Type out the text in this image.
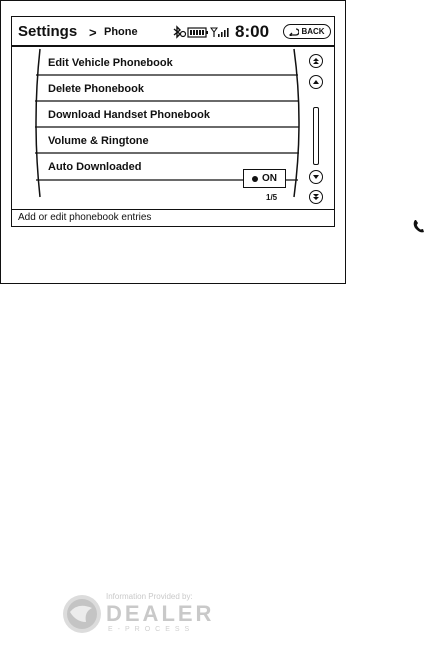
Settings > Phone	8:00	BACK
Edit Vehicle Phonebook
Delete Phonebook
Download Handset Phonebook
Volume & Ringtone
Auto Downloaded
ON
1/5
Add or edit phonebook entries
Information Provided by:
DEALER
E-PROCESS
